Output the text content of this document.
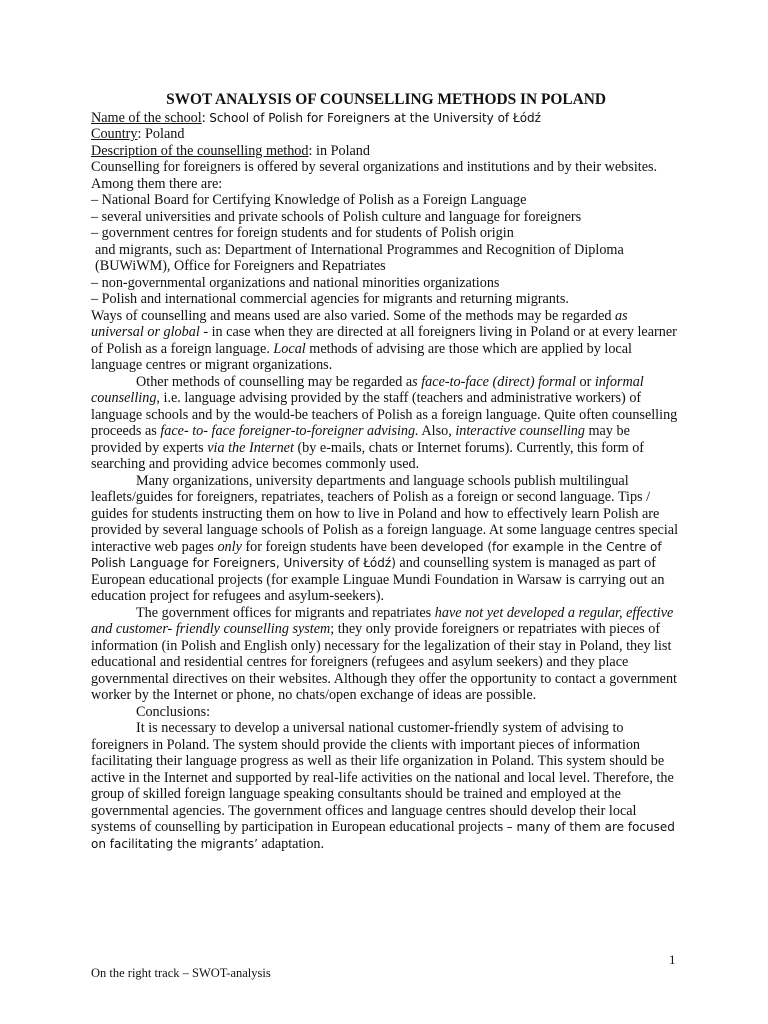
SWOT ANALYSIS OF COUNSELLING METHODS IN POLAND

Name of the school: School of Polish for Foreigners at the University of Łódź

Country: Poland

Description of the counselling method: in Poland

Counselling for foreigners is offered by several organizations and institutions and by their websites. Among them there are:

– National Board for Certifying Knowledge of Polish as a Foreign Language

– several universities and private schools of Polish culture and language for foreigners

– government centres for foreign students and for students of Polish origin

and migrants, such as: Department of International Programmes and Recognition of Diploma (BUWiWM), Office for Foreigners and Repatriates

– non-governmental organizations and national minorities organizations

– Polish and international commercial agencies for migrants and returning migrants.

Ways of counselling and means used are also varied. Some of the methods may be regarded as universal or global - in case when they are directed at all foreigners living in Poland or at every learner of Polish as a foreign language. Local methods of advising are those which are applied by local language centres or migrant organizations.

Other methods of counselling may be regarded as face-to-face (direct) formal or informal counselling, i.e. language advising provided by the staff (teachers and administrative workers) of language schools and by the would-be teachers of Polish as a foreign language. Quite often counselling proceeds as face- to- face foreigner-to-foreigner advising. Also, interactive counselling may be provided by experts via the Internet (by e-mails, chats or Internet forums). Currently, this form of searching and providing advice becomes commonly used.

Many organizations, university departments and language schools publish multilingual leaflets/guides for foreigners, repatriates, teachers of Polish as a foreign or second language. Tips / guides for students instructing them on how to live in Poland and how to effectively learn Polish are provided by several language schools of Polish as a foreign language. At some language centres special interactive web pages only for foreign students have been developed (for example in the Centre of Polish Language for Foreigners, University of Łódź) and counselling system is managed as part of European educational projects (for example Linguae Mundi Foundation in Warsaw is carrying out an education project for refugees and asylum-seekers).

The government offices for migrants and repatriates have not yet developed a regular, effective and customer- friendly counselling system; they only provide foreigners or repatriates with pieces of information (in Polish and English only) necessary for the legalization of their stay in Poland, they list educational and residential centres for foreigners (refugees and asylum seekers) and they place governmental directives on their websites. Although they offer the opportunity to contact a government worker by the Internet or phone, no chats/open exchange of ideas are possible.

Conclusions:

It is necessary to develop a universal national customer-friendly system of advising to foreigners in Poland. The system should provide the clients with important pieces of information facilitating their language progress as well as their life organization in Poland. This system should be active in the Internet and supported by real-life activities on the national and local level. Therefore, the group of skilled foreign language speaking consultants should be trained and employed at the governmental agencies. The government offices and language centres should develop their local systems of counselling by participation in European educational projects – many of them are focused on facilitating the migrants’ adaptation.

1
On the right track – SWOT-analysis
